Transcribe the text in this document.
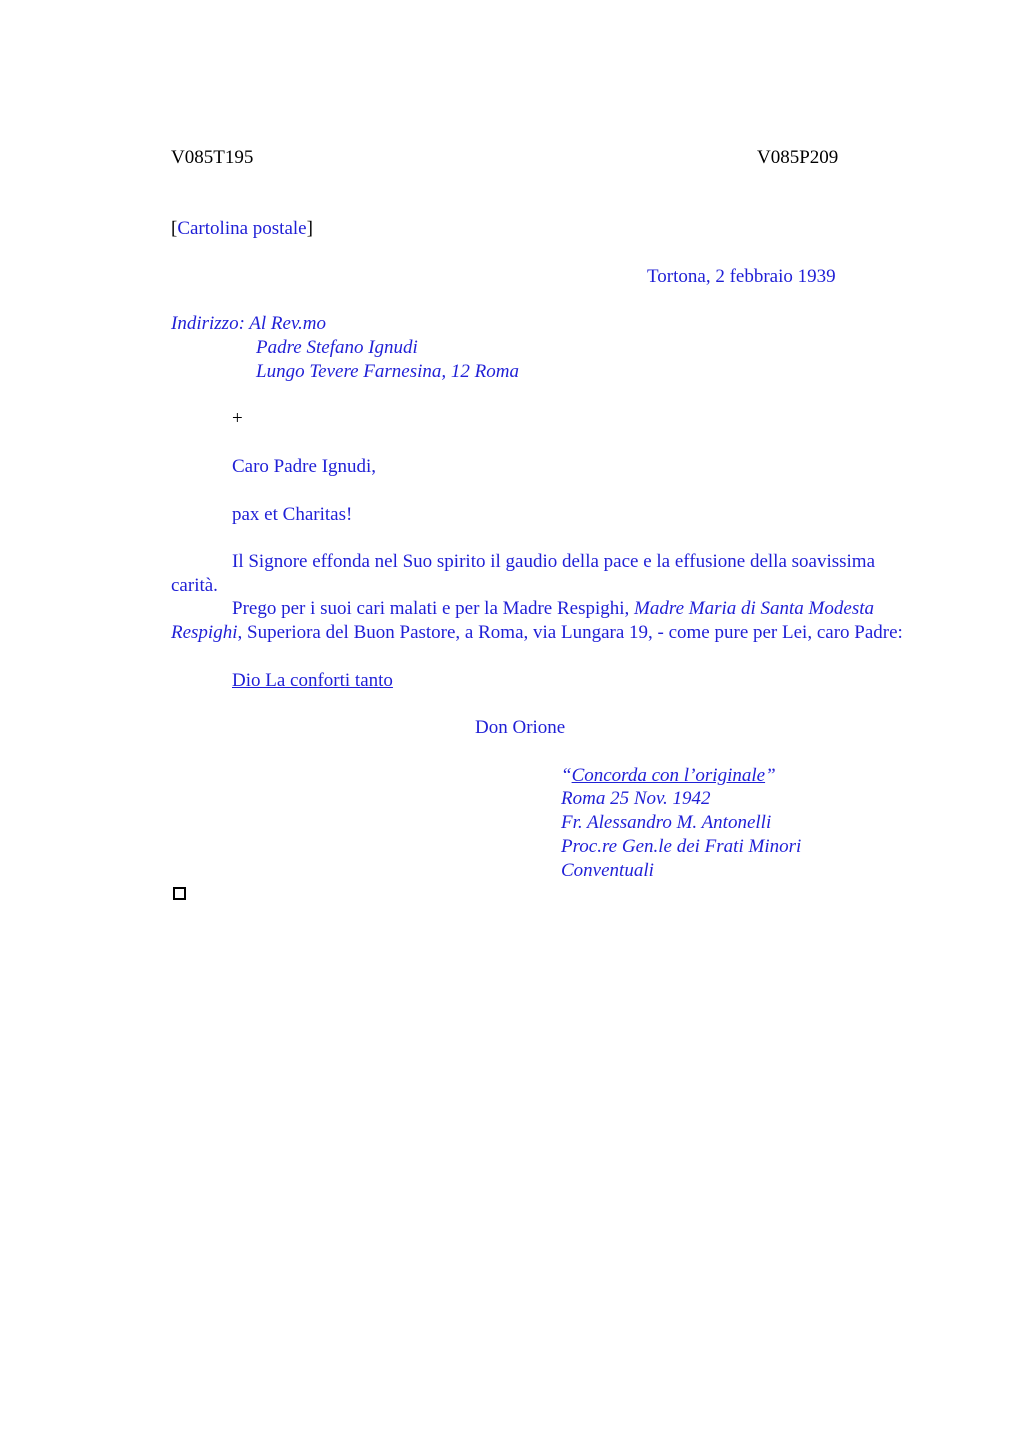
V085T195	V085P209
[Cartolina postale]
Tortona, 2 febbraio 1939
Indirizzo: Al Rev.mo
Padre Stefano Ignudi
Lungo Tevere Farnesina, 12 Roma
+
Caro Padre Ignudi,
pax et Charitas!
Il Signore effonda nel Suo spirito il gaudio della pace e la effusione della soavissima carità.
Prego per i suoi cari malati e per la Madre Respighi, Madre Maria di Santa Modesta Respighi, Superiora del Buon Pastore, a Roma, via Lungara 19, - come pure per Lei, caro Padre:
Dio La conforti tanto
Don Orione
“Concorda con l’originale”
Roma 25 Nov. 1942
Fr. Alessandro M. Antonelli
Proc.re Gen.le dei Frati Minori
Conventuali
